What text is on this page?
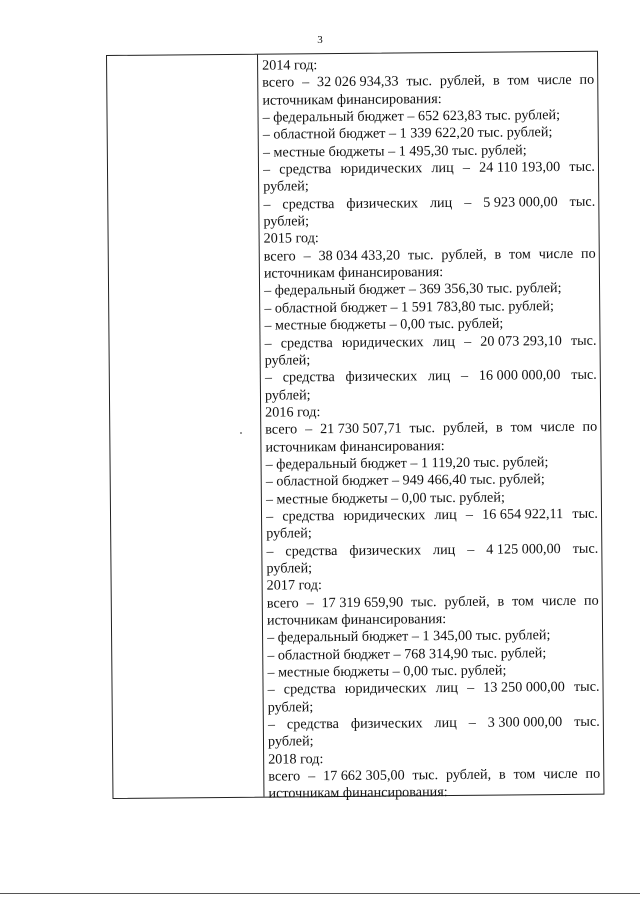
3
2014 год:
всего – 32 026 934,33 тыс. рублей, в том числе по
источникам финансирования:
– федеральный бюджет – 652 623,83 тыс. рублей;
– областной бюджет – 1 339 622,20 тыс. рублей;
– местные бюджеты – 1 495,30 тыс. рублей;
– средства юридических лиц – 24 110 193,00 тыс.
рублей;
– средства физических лиц – 5 923 000,00 тыс.
рублей;
2015 год:
всего – 38 034 433,20 тыс. рублей, в том числе по
источникам финансирования:
– федеральный бюджет – 369 356,30 тыс. рублей;
– областной бюджет – 1 591 783,80 тыс. рублей;
– местные бюджеты – 0,00 тыс. рублей;
– средства юридических лиц – 20 073 293,10 тыс.
рублей;
– средства физических лиц – 16 000 000,00 тыс.
рублей;
2016 год:
всего – 21 730 507,71 тыс. рублей, в том числе по
источникам финансирования:
– федеральный бюджет – 1 119,20 тыс. рублей;
– областной бюджет – 949 466,40 тыс. рублей;
– местные бюджеты – 0,00 тыс. рублей;
– средства юридических лиц – 16 654 922,11 тыс.
рублей;
– средства физических лиц – 4 125 000,00 тыс.
рублей;
2017 год:
всего – 17 319 659,90 тыс. рублей, в том числе по
источникам финансирования:
– федеральный бюджет – 1 345,00 тыс. рублей;
– областной бюджет – 768 314,90 тыс. рублей;
– местные бюджеты – 0,00 тыс. рублей;
– средства юридических лиц – 13 250 000,00 тыс.
рублей;
– средства физических лиц – 3 300 000,00 тыс.
рублей;
2018 год:
всего – 17 662 305,00 тыс. рублей, в том числе по
источникам финансирования:
